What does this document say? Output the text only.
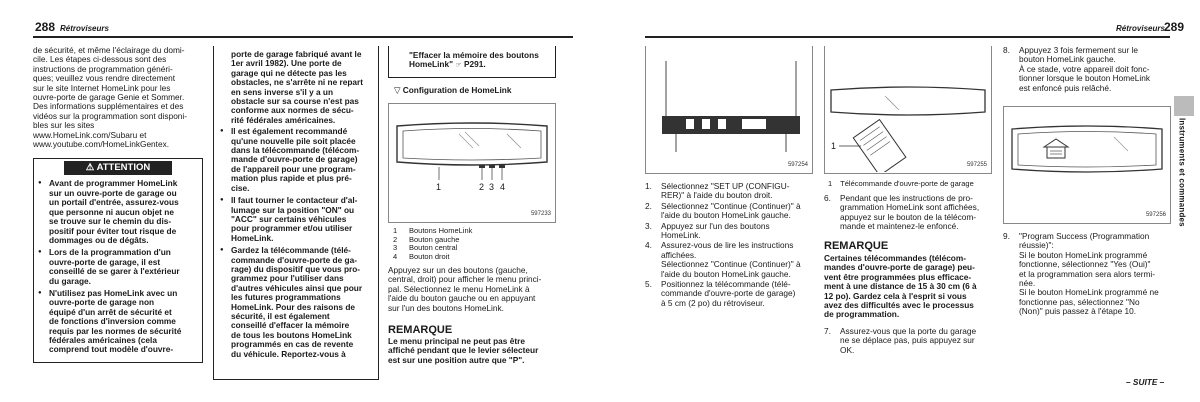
288 Rétroviseurs
de sécurité, et même l'éclairage du domi-
cile. Les étapes ci-dessous sont des
instructions de programmation généri-
ques; veuillez vous rendre directement
sur le site Internet HomeLink pour les
ouvre-porte de garage Genie et Sommer.
Des informations supplémentaires et des
vidéos sur la programmation sont disponi-
bles sur les sites
www.HomeLink.com/Subaru et
www.youtube.com/HomeLinkGentex.
⚠ ATTENTION
● Avant de programmer HomeLink
sur un ouvre-porte de garage ou
un portail d'entrée, assurez-vous
que personne ni aucun objet ne
se trouve sur le chemin du dis-
positif pour éviter tout risque de
dommages ou de dégâts.
● Lors de la programmation d'un
ouvre-porte de garage, il est
conseillé de se garer à l'extérieur
du garage.
● N'utilisez pas HomeLink avec un
ouvre-porte de garage non
équipé d'un arrêt de sécurité et
de fonctions d'inversion comme
requis par les normes de sécurité
fédérales américaines (cela
comprend tout modèle d'ouvre-
porte de garage fabriqué avant le
1er avril 1982). Une porte de
garage qui ne détecte pas les
obstacles, ne s'arrête ni ne repart
en sens inverse s'il y a un
obstacle sur sa course n'est pas
conforme aux normes de sécu-
rité fédérales américaines.
● Il est également recommandé
qu'une nouvelle pile soit placée
dans la télécommande (télécom-
mande d'ouvre-porte de garage)
de l'appareil pour une program-
mation plus rapide et plus pré-
cise.
● Il faut tourner le contacteur d'al-
lumage sur la position "ON" ou
"ACC" sur certains véhicules
pour programmer et/ou utiliser
HomeLink.
● Gardez la télécommande (télé-
commande d'ouvre-porte de ga-
rage) du dispositif que vous pro-
grammez pour l'utiliser dans
d'autres véhicules ainsi que pour
les futures programmations
HomeLink. Pour des raisons de
sécurité, il est également
conseillé d'effacer la mémoire
de tous les boutons HomeLink
programmés en cas de revente
du véhicule. Reportez-vous à
"Effacer la mémoire des boutons
HomeLink" ☞ P291.
▽ Configuration de HomeLink
1	2 3 4
597233
1	Boutons HomeLink
2	Bouton gauche
3	Bouton central
4	Bouton droit
Appuyez sur un des boutons (gauche,
central, droit) pour afficher le menu princi-
pal. Sélectionnez le menu HomeLink à
l'aide du bouton gauche ou en appuyant
sur l'un des boutons HomeLink.
REMARQUE
Le menu principal ne peut pas être
affiché pendant que le levier sélecteur
est sur une position autre que "P".
Rétroviseurs 289
Instruments et commandes
597254
1.	Sélectionnez "SET UP (CONFIGU-
RER)" à l'aide du bouton droit.
2.	Sélectionnez "Continue (Continuer)" à
l'aide du bouton HomeLink gauche.
3.	Appuyez sur l'un des boutons
HomeLink.
4.	Assurez-vous de lire les instructions
affichées.
Sélectionnez "Continue (Continuer)" à
l'aide du bouton HomeLink gauche.
5.	Positionnez la télécommande (télé-
commande d'ouvre-porte de garage)
à 5 cm (2 po) du rétroviseur.
1
597255
1 Télécommande d'ouvre-porte de garage
6.	Pendant que les instructions de pro-
grammation HomeLink sont affichées,
appuyez sur le bouton de la télécom-
mande et maintenez-le enfoncé.
REMARQUE
Certaines télécommandes (télécom-
mandes d'ouvre-porte de garage) peu-
vent être programmées plus efficace-
ment à une distance de 15 à 30 cm (6 à
12 po). Gardez cela à l'esprit si vous
avez des difficultés avec le processus
de programmation.
7.	Assurez-vous que la porte du garage
ne se déplace pas, puis appuyez sur
OK.
8.	Appuyez 3 fois fermement sur le
bouton HomeLink gauche.
À ce stade, votre appareil doit fonc-
tionner lorsque le bouton HomeLink
est enfoncé puis relâché.
597256
9.	"Program Success (Programmation
réussie)":
Si le bouton HomeLink programmé
fonctionne, sélectionnez "Yes (Oui)"
et la programmation sera alors termi-
née.
Si le bouton HomeLink programmé ne
fonctionne pas, sélectionnez "No
(Non)" puis passez à l'étape 10.
– SUITE –
